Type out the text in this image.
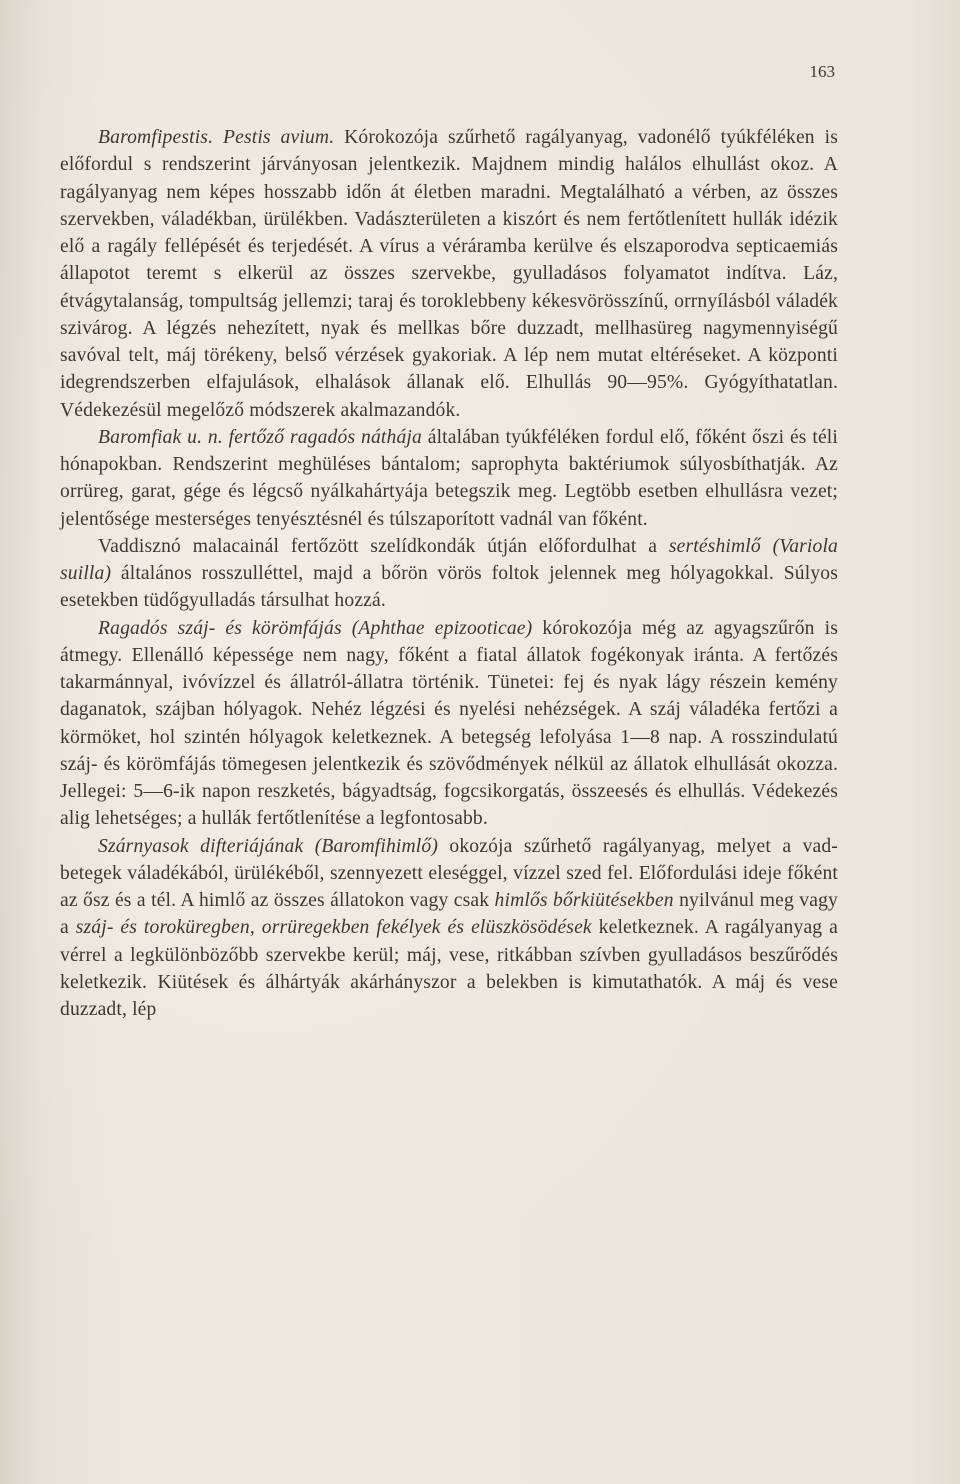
163

Baromfipestis. Pestis avium. Kórokozója szűrhető ragályanyag, vadonélő tyúkféléken is előfordul s rendszerint járványosan jelentkezik. Majdnem mindig halálos elhullást okoz. A ragályanyag nem képes hosszabb időn át életben maradni. Megtalálható a vérben, az összes szervekben, váladékban, ürülékben. Vadászterületen a kiszórt és nem fertőtlenített hullák idézik elő a ragály fellépését és terjedését. A vírus a véráramba kerülve és elszaporodva septicaemiás állapotot teremt s elkerül az összes szervekbe, gyulladásos folyamatot indítva. Láz, étvágytalanság, tompultság jellemzi; taraj és toroklebbeny kékesvörösszínű, orrnyílásból váladék szivárog. A légzés nehezített, nyak és mellkas bőre duzzadt, mellhasüreg nagymennyiségű savóval telt, máj törékeny, belső vérzések gyakoriak. A lép nem mutat eltéréseket. A központi idegrendszerben elfajulások, elhalások állanak elő. Elhullás 90—95%. Gyógyíthatatlan. Védekezésül megelőző módszerek akalmazandók.

Baromfiak u. n. fertőző ragadós náthája általában tyúkféléken fordul elő, főként őszi és téli hónapokban. Rendszerint meghüléses bántalom; saprophyta baktériumok súlyosbíthatják. Az orrüreg, garat, gége és légcső nyálkahártyája betegszik meg. Legtöbb esetben elhullásra vezet; jelentősége mesterséges tenyésztésnél és túlszaporított vadnál van főként.

Vaddisznó malacainál fertőzött szelídkondák útján előfordulhat a sertéshimlő (Variola suilla) általános rosszulléttel, majd a bőrön vörös foltok jelennek meg hólyagokkal. Súlyos esetekben tüdőgyulladás társulhat hozzá.

Ragadós száj- és körömfájás (Aphthae epizooticae) kórokozója még az agyagszűrőn is átmegy. Ellenálló képessége nem nagy, főként a fiatal állatok fogékonyak iránta. A fertőzés takarmánnyal, ivóvízzel és állatról-állatra történik. Tünetei: fej és nyak lágy részein kemény daganatok, szájban hólyagok. Nehéz légzési és nyelési nehézségek. A száj váladéka fertőzi a körmöket, hol szintén hólyagok keletkeznek. A betegség lefolyása 1—8 nap. A rosszindulatú száj- és körömfájás tömegesen jelentkezik és szövődmények nélkül az állatok elhullását okozza. Jellegei: 5—6-ik napon reszketés, bágyadtság, fogcsikorgatás, összeesés és elhullás. Védekezés alig lehetséges; a hullák fertőtlenítése a legfontosabb.

Szárnyasok difteriájának (Baromfihimlő) okozója szűrhető ragályanyag, melyet a vad-betegek váladékából, ürülékéből, szennyezett eleséggel, vízzel szed fel. Előfordulási ideje főként az ősz és a tél. A himlő az összes állatokon vagy csak himlős bőrkiütésekben nyilvánul meg vagy a száj- és toroküregben, orrüregekben fekélyek és elüszkösödések keletkeznek. A ragályanyag a vérrel a legkülönbözőbb szervekbe kerül; máj, vese, ritkábban szívben gyulladásos beszűrődés keletkezik. Kiütések és álhártyák akárhányszor a belekben is kimutathatók. A máj és vese duzzadt, lép
